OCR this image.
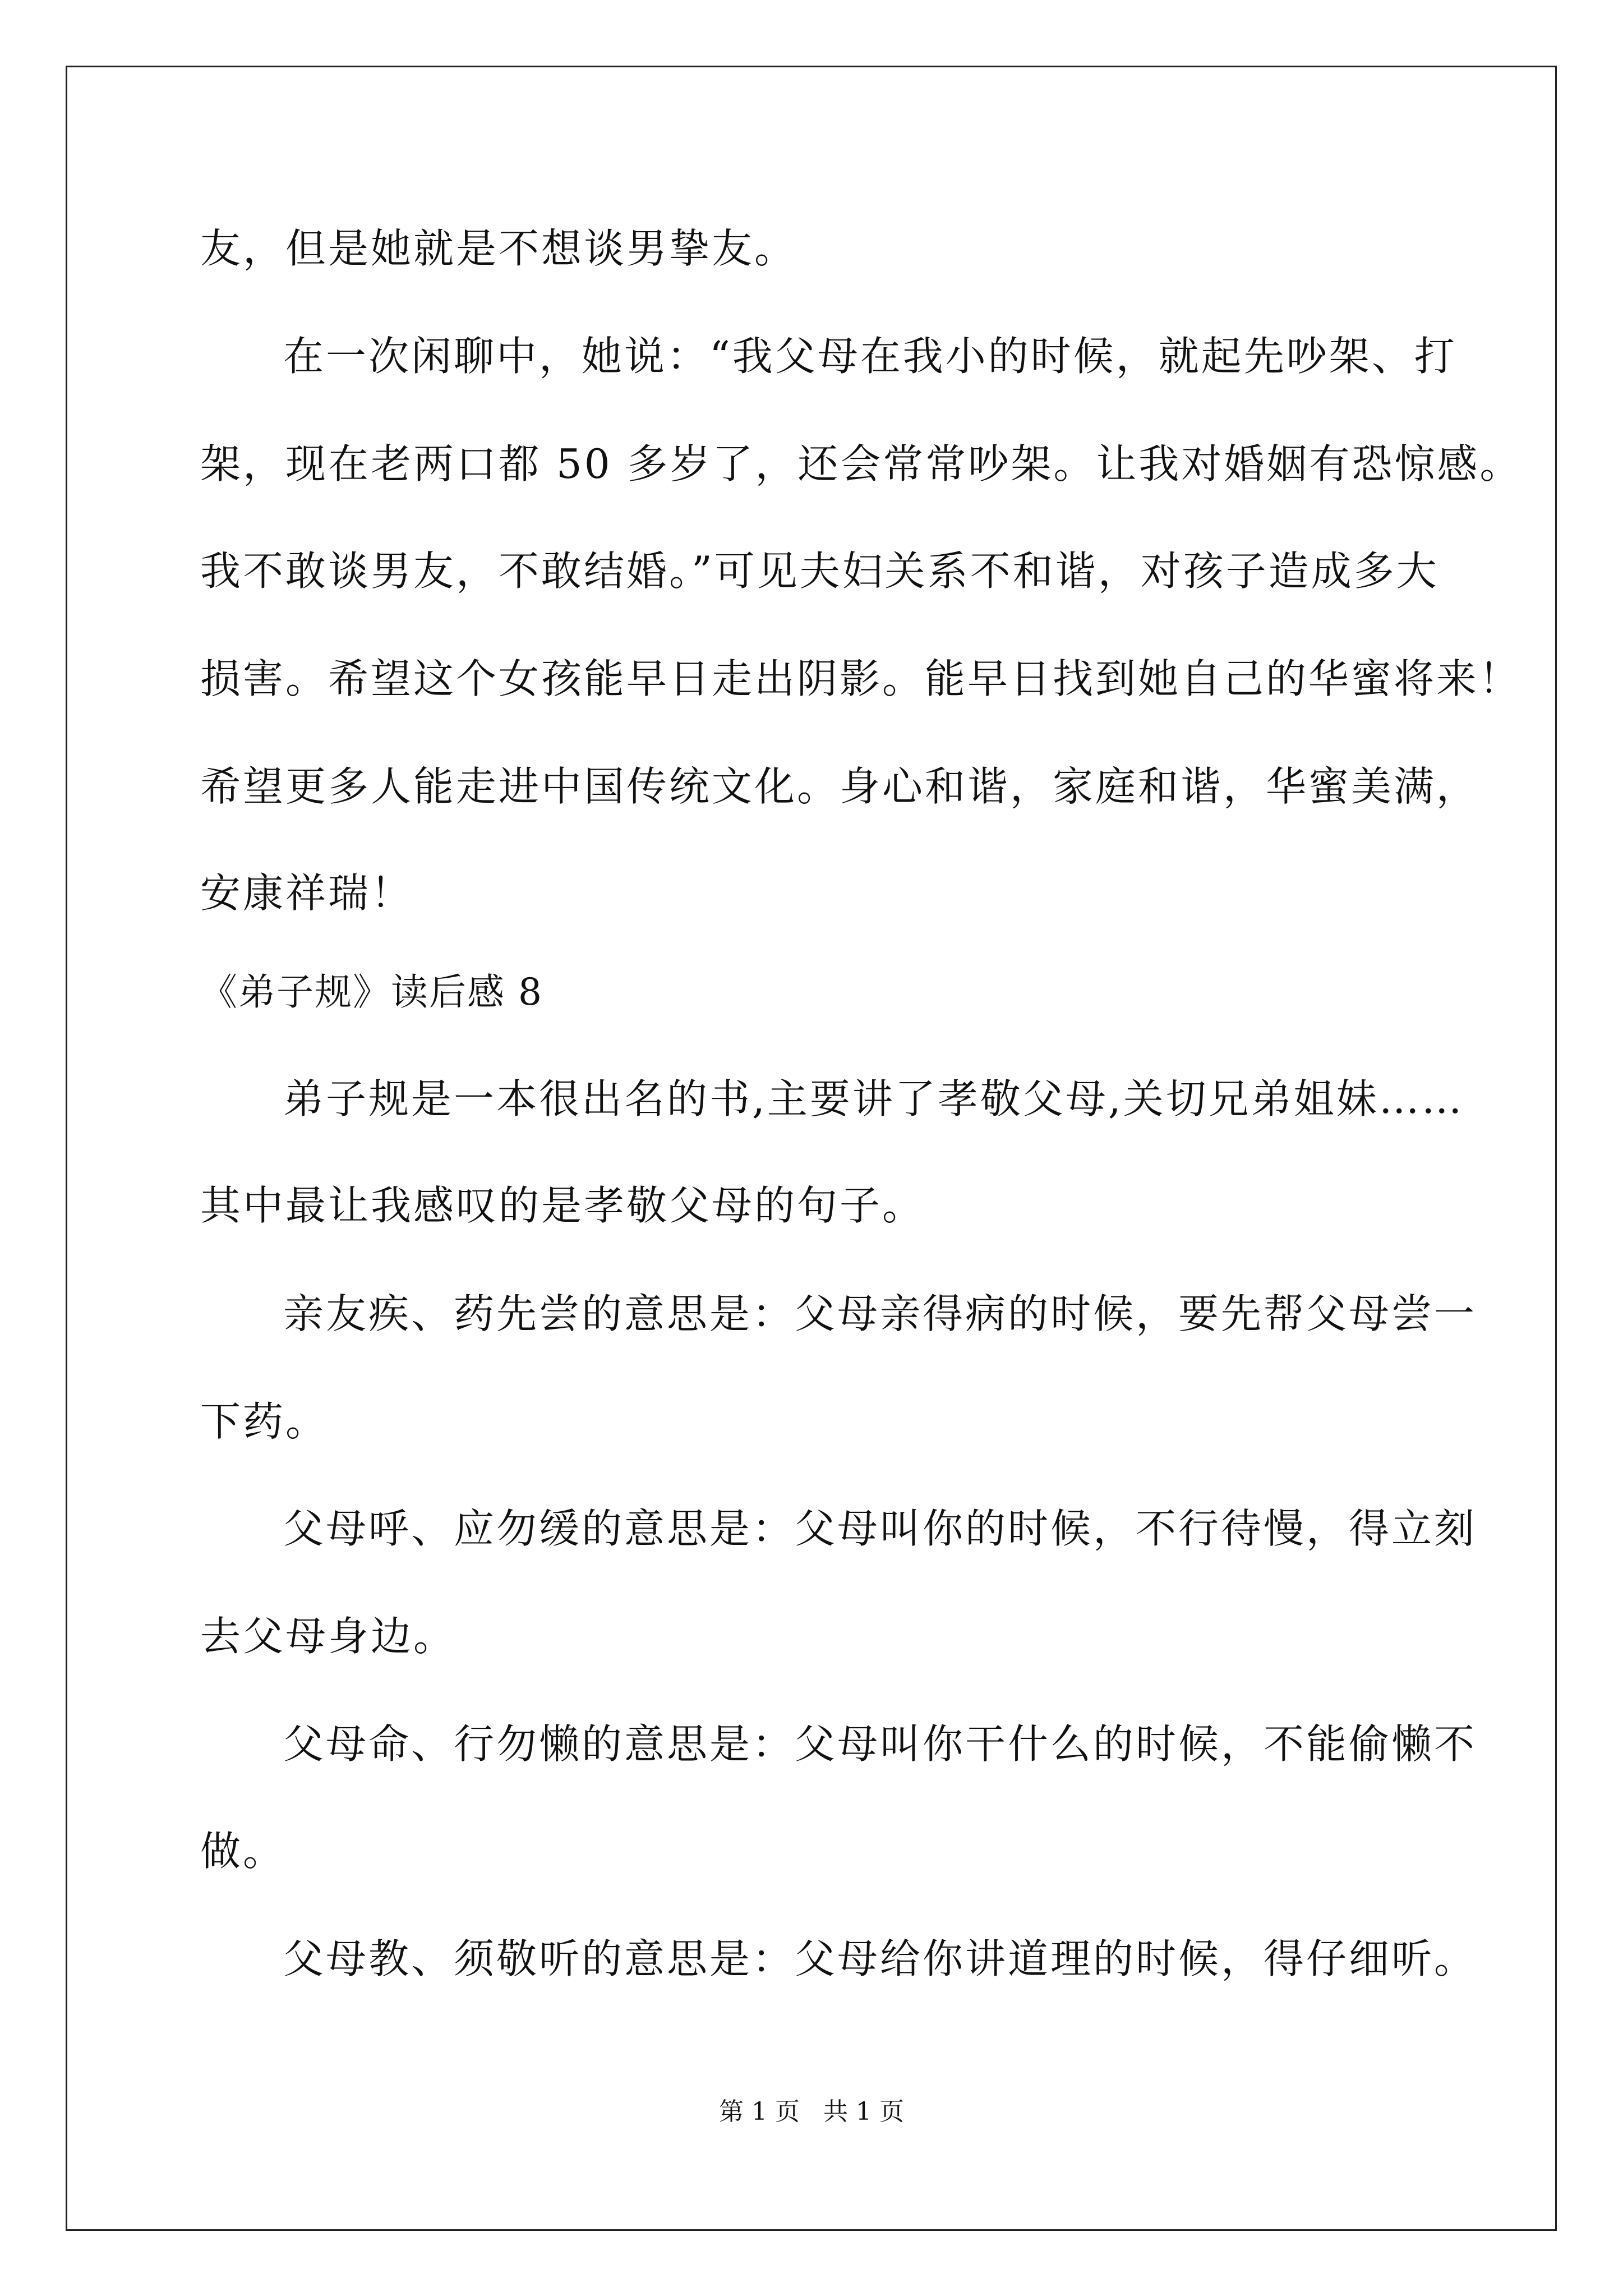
友，但是她就是不想谈男挚友。
在一次闲聊中，她说：“我父母在我小的时候，就起先吵架、打
架，现在老两口都 50 多岁了，还会常常吵架。让我对婚姻有恐惊感。
我不敢谈男友，不敢结婚。”可见夫妇关系不和谐，对孩子造成多大
损害。希望这个女孩能早日走出阴影。能早日找到她自己的华蜜将来！
希望更多人能走进中国传统文化。身心和谐，家庭和谐，华蜜美满，
安康祥瑞！
《弟子规》读后感 8
弟子规是一本很出名的书,主要讲了孝敬父母,关切兄弟姐妹……
其中最让我感叹的是孝敬父母的句子。
亲友疾、药先尝的意思是：父母亲得病的时候，要先帮父母尝一
下药。
父母呼、应勿缓的意思是：父母叫你的时候，不行待慢，得立刻
去父母身边。
父母命、行勿懒的意思是：父母叫你干什么的时候，不能偷懒不
做。
父母教、须敬听的意思是：父母给你讲道理的时候，得仔细听。
第 1 页   共 1 页
